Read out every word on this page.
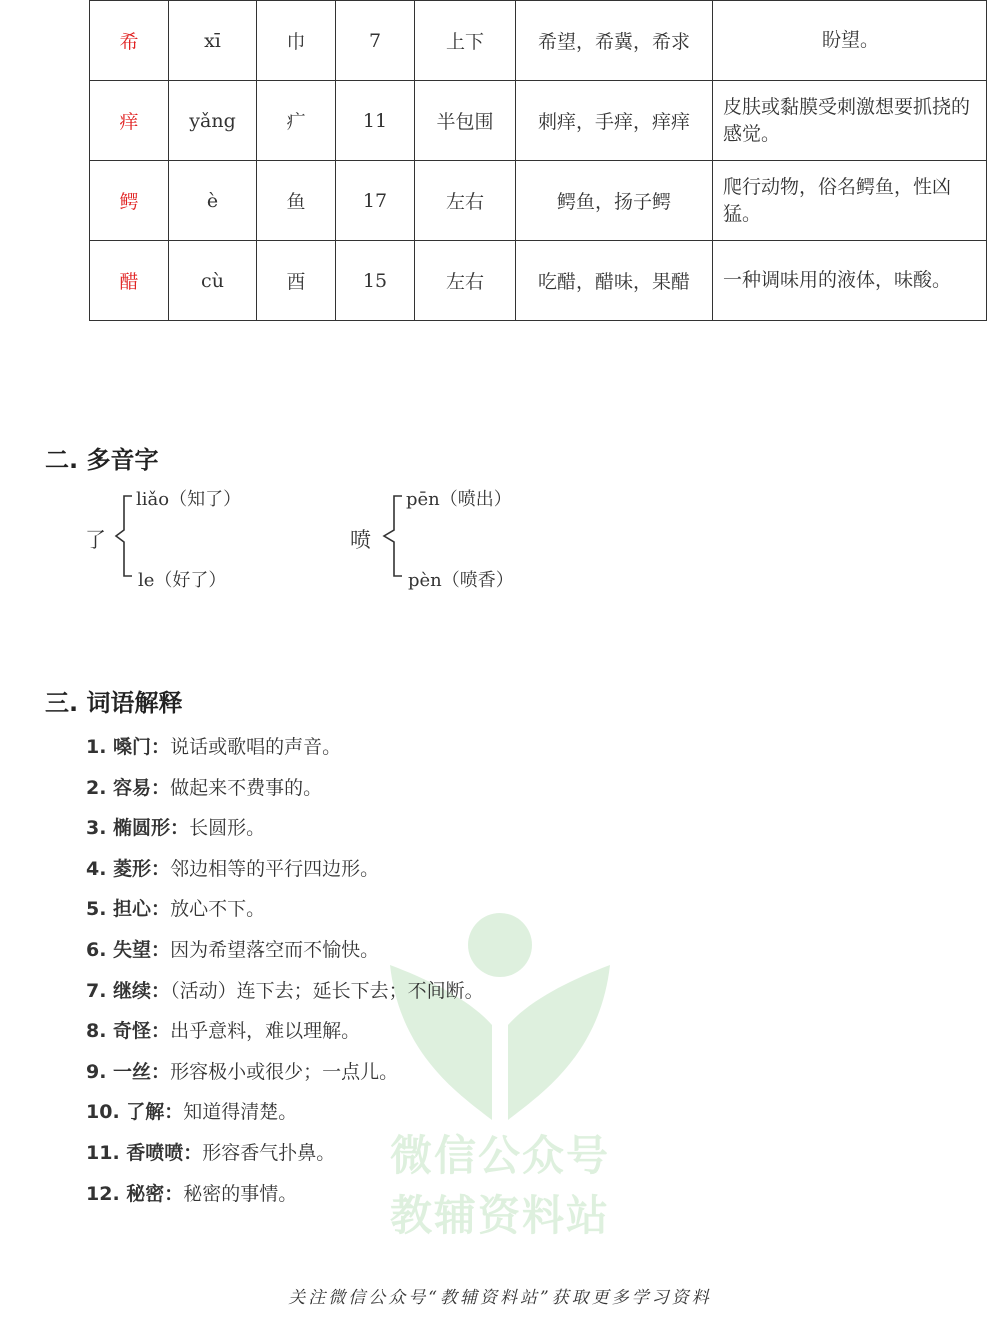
希	xī	巾	7	上下	希望，希冀，希求	盼望。
痒	yǎng	疒	11	半包围	刺痒，手痒，痒痒	皮肤或黏膜受刺激想要抓挠的感觉。
鳄	è	鱼	17	左右	鳄鱼，扬子鳄	爬行动物，俗名鳄鱼，性凶猛。
醋	cù	酉	15	左右	吃醋，醋味，果醋	一种调味用的液体，味酸。
二. 多音字
了
liǎo（知了）
le（好了）
喷
pēn（喷出）
pèn（喷香）
三. 词语解释
微信公众号
教辅资料站
1. 嗓门：说话或歌唱的声音。
2. 容易：做起来不费事的。
3. 椭圆形：长圆形。
4. 菱形：邻边相等的平行四边形。
5. 担心：放心不下。
6. 失望：因为希望落空而不愉快。
7. 继续：（活动）连下去；延长下去；不间断。
8. 奇怪：出乎意料，难以理解。
9. 一丝：形容极小或很少；一点儿。
10. 了解：知道得清楚。
11. 香喷喷：形容香气扑鼻。
12. 秘密：秘密的事情。
关注微信公众号“教辅资料站”获取更多学习资料
